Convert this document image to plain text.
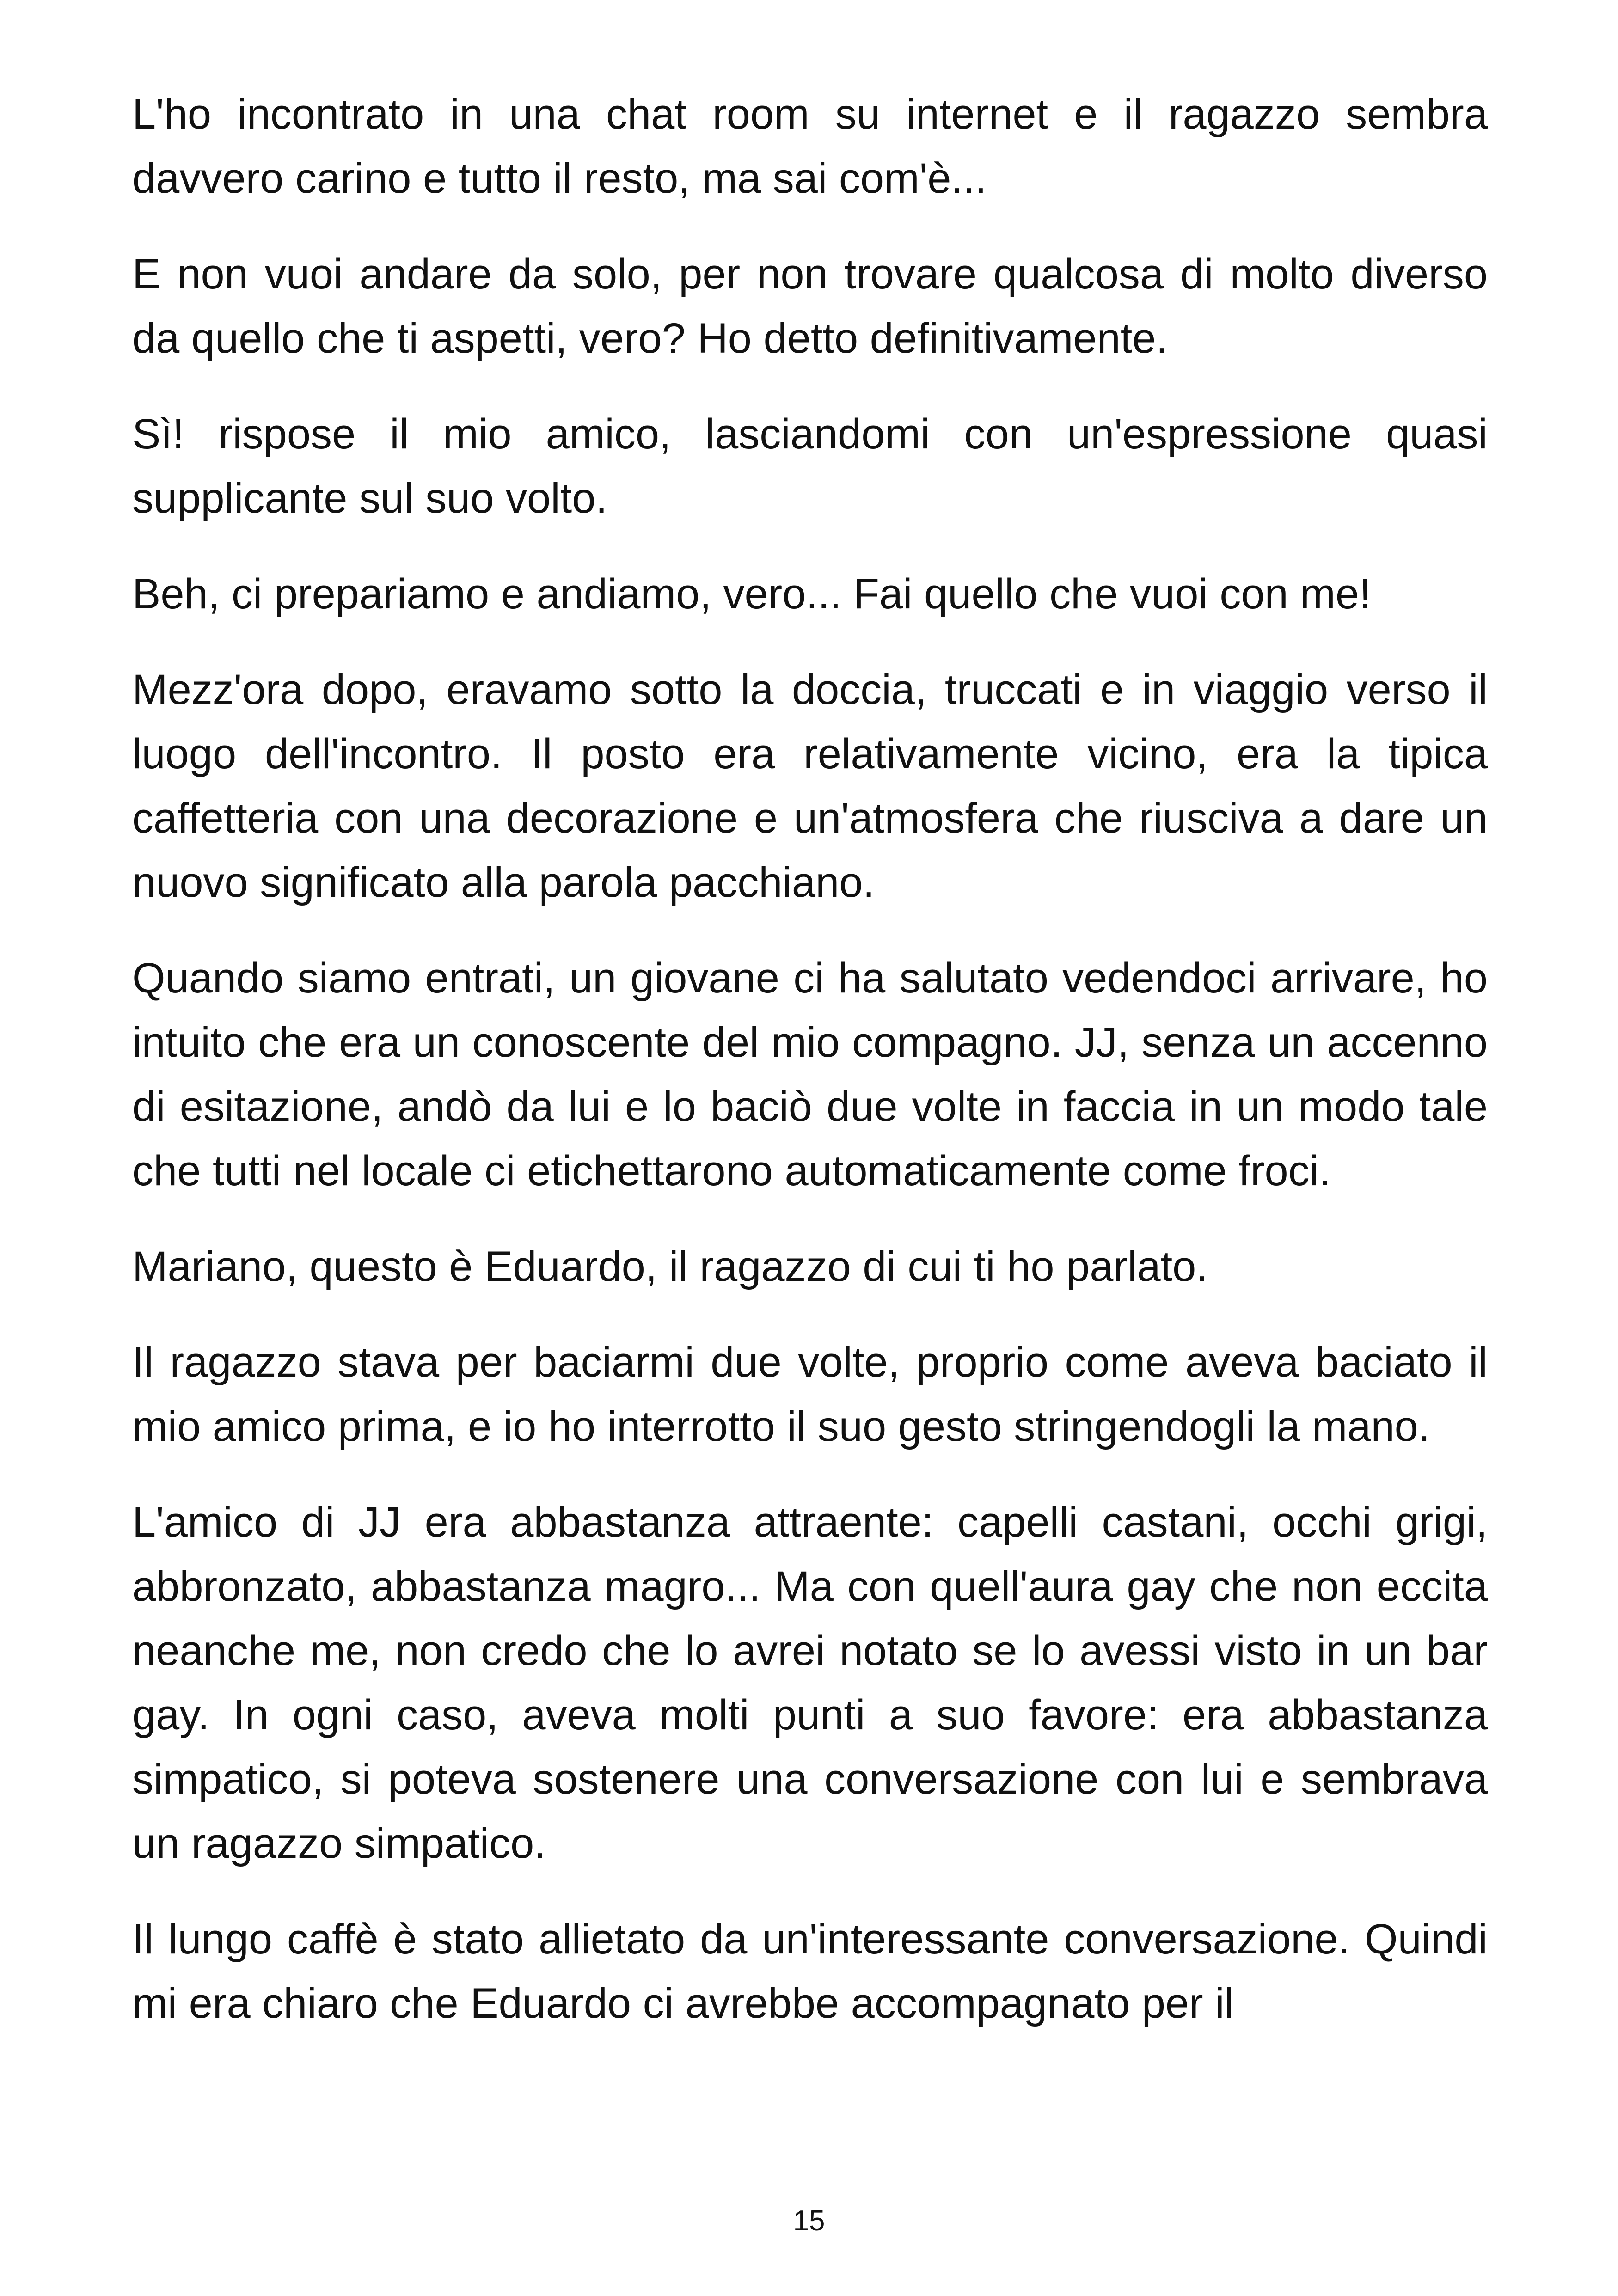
L'ho incontrato in una chat room su internet e il ragazzo sembra davvero carino e tutto il resto, ma sai com'è...

E non vuoi andare da solo, per non trovare qualcosa di molto diverso da quello che ti aspetti, vero? Ho detto definitivamente.

Sì! rispose il mio amico, lasciandomi con un'espressione quasi supplicante sul suo volto.

Beh, ci prepariamo e andiamo, vero... Fai quello che vuoi con me!

Mezz'ora dopo, eravamo sotto la doccia, truccati e in viaggio verso il luogo dell'incontro. Il posto era relativamente vicino, era la tipica caffetteria con una decorazione e un'atmosfera che riusciva a dare un nuovo significato alla parola pacchiano.

Quando siamo entrati, un giovane ci ha salutato vedendoci arrivare, ho intuito che era un conoscente del mio compagno. JJ, senza un accenno di esitazione, andò da lui e lo baciò due volte in faccia in un modo tale che tutti nel locale ci etichettarono automaticamente come froci.

Mariano, questo è Eduardo, il ragazzo di cui ti ho parlato.

Il ragazzo stava per baciarmi due volte, proprio come aveva baciato il mio amico prima, e io ho interrotto il suo gesto stringendogli la mano.

L'amico di JJ era abbastanza attraente: capelli castani, occhi grigi, abbronzato, abbastanza magro... Ma con quell'aura gay che non eccita neanche me, non credo che lo avrei notato se lo avessi visto in un bar gay. In ogni caso, aveva molti punti a suo favore: era abbastanza simpatico, si poteva sostenere una conversazione con lui e sembrava un ragazzo simpatico.

Il lungo caffè è stato allietato da un'interessante conversazione. Quindi mi era chiaro che Eduardo ci avrebbe accompagnato per il

15
